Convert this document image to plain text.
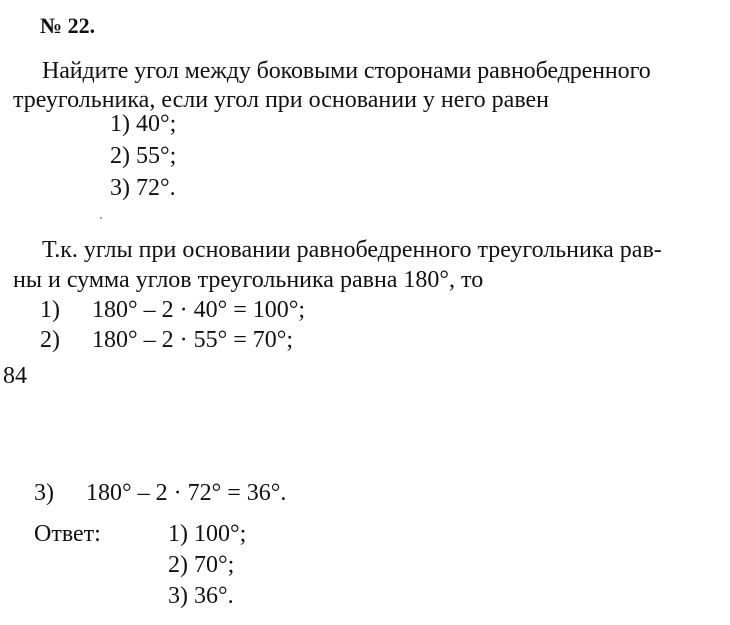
№ 22.
Найдите угол между боковыми сторонами равнобедренного
треугольника, если угол при основании у него равен
1) 40°;
2) 55°;
3) 72°.
Т.к. углы при основании равнобедренного треугольника рав-
ны и сумма углов треугольника равна 180°, то
1) 180° – 2 · 40° = 100°;
2) 180° – 2 · 55° = 70°;
84
3) 180° – 2 · 72° = 36°.
Ответ:	1) 100°;
2) 70°;
3) 36°.
